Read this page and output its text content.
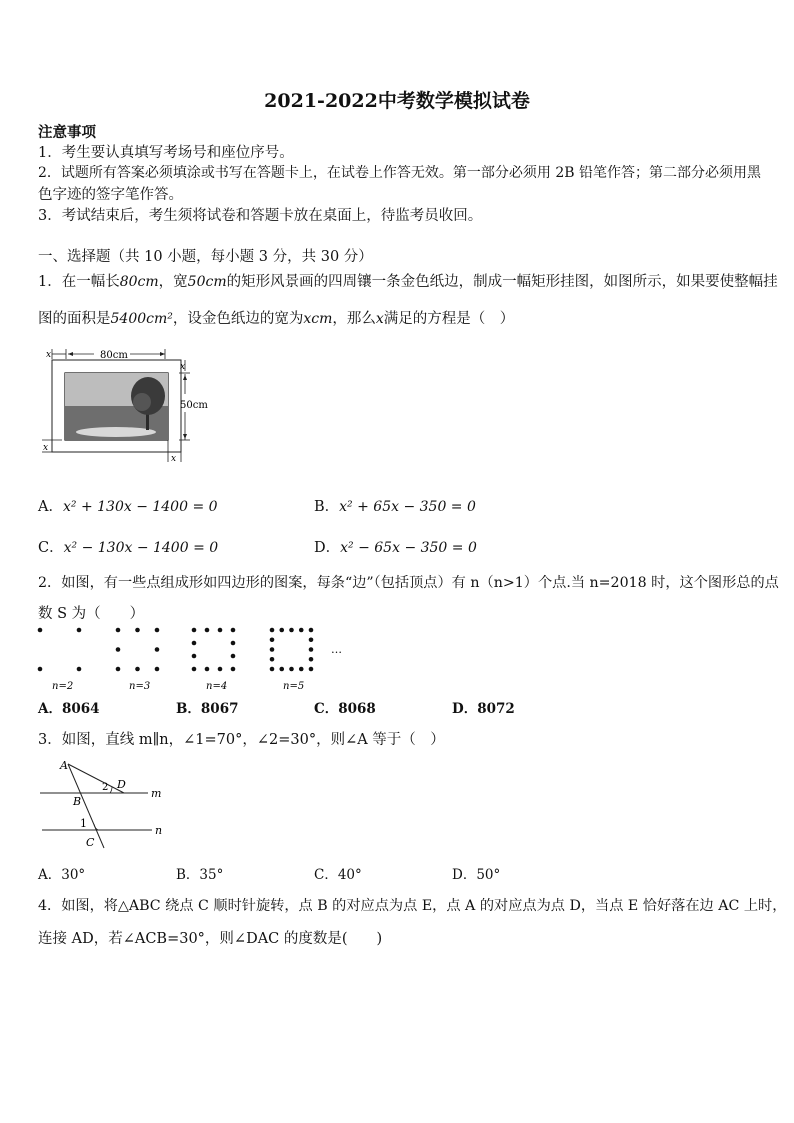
2021-2022中考数学模拟试卷
注意事项
1．考生要认真填写考场号和座位序号。
2．试题所有答案必须填涂或书写在答题卡上，在试卷上作答无效。第一部分必须用 2B 铅笔作答；第二部分必须用黑
色字迹的签字笔作答。
3．考试结束后，考生须将试卷和答题卡放在桌面上，待监考员收回。
一、选择题（共 10 小题，每小题 3 分，共 30 分）
1．在一幅长80cm，宽50cm的矩形风景画的四周镶一条金色纸边，制成一幅矩形挂图，如图所示，如果要使整幅挂
图的面积是5400cm²，设金色纸边的宽为xcm，那么x满足的方程是（　）
x	80cm
x
50cm
x
x
A．x² + 130x − 1400 = 0	B．x² + 65x − 350 = 0
C．x² − 130x − 1400 = 0	D．x² − 65x − 350 = 0
2．如图，有一些点组成形如四边形的图案，每条“边”（包括顶点）有 n（n>1）个点.当 n=2018 时，这个图形总的点
数 S 为（　　）
n=2	n=3	n=4	n=5
…
A．8064	B．8067	C．8068	D．8072
3．如图，直线 m∥n，∠1=70°，∠2=30°，则∠A 等于（　）
A
B
C
D
m
n
1
2
A．30°	B．35°	C．40°	D．50°
4．如图，将△ABC 绕点 C 顺时针旋转，点 B 的对应点为点 E，点 A 的对应点为点 D，当点 E 恰好落在边 AC 上时，
连接 AD，若∠ACB=30°，则∠DAC 的度数是(　　)
